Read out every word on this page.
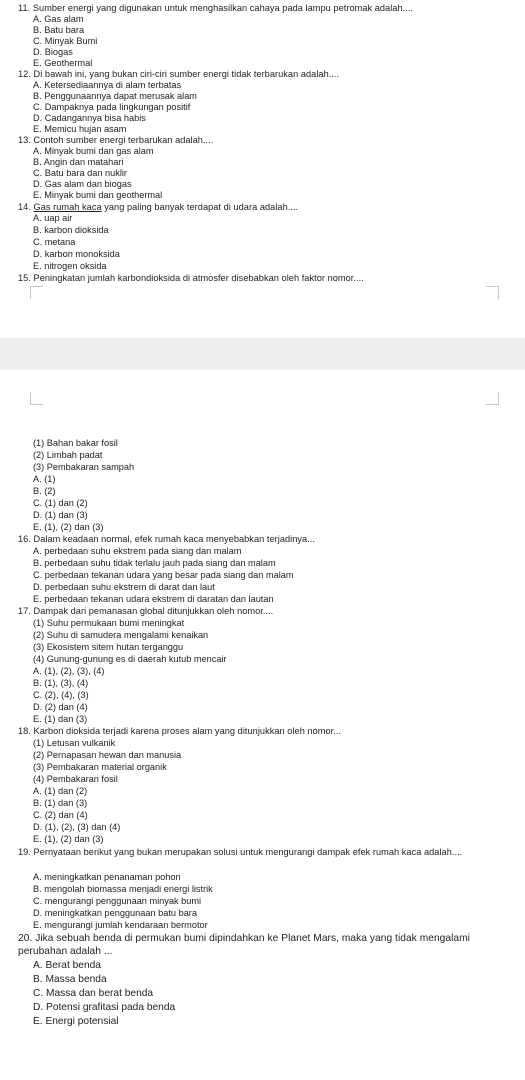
11. Sumber energi yang digunakan untuk menghasilkan cahaya pada lampu petromak adalah....
A. Gas alam
B. Batu bara
C. Minyak Bumi
D. Biogas
E. Geothermal
12. Di bawah ini, yang bukan ciri-ciri sumber energi tidak terbarukan adalah....
A. Ketersediaannya di alam terbatas
B. Penggunaannya dapat merusak alam
C. Dampaknya pada lingkungan positif
D. Cadangannya bisa habis
E. Memicu hujan asam
13. Contoh sumber energi terbarukan adalah....
A. Minyak bumi dan gas alam
B. Angin dan matahari
C. Batu bara dan nuklir
D. Gas alam dan biogas
E. Minyak bumi dan geothermal
14. Gas rumah kaca yang paling banyak terdapat di udara adalah....
A. uap air
B. karbon dioksida
C. metana
D. karbon monoksida
E. nitrogen oksida
15. Peningkatan jumlah karbondioksida di atmosfer disebabkan oleh faktor nomor....
(1) Bahan bakar fosil
(2) Limbah padat
(3) Pembakaran sampah
A. (1)
B. (2)
C. (1) dan (2)
D. (1) dan (3)
E. (1), (2) dan (3)
16. Dalam keadaan normal, efek rumah kaca menyebabkan terjadinya...
A. perbedaan suhu ekstrem pada siang dan malam
B. perbedaan suhu tidak terlalu jauh pada siang dan malam
C. perbedaan tekanan udara yang besar pada siang dan malam
D. perbedaan suhu ekstrem di darat dan laut
E. perbedaan tekanan udara ekstrem di daratan dan lautan
17. Dampak dari pemanasan global ditunjukkan oleh nomor....
(1) Suhu permukaan bumi meningkat
(2) Suhu di samudera mengalami kenaikan
(3) Ekosistem sitem hutan terganggu
(4) Gunung-gunung es di daerah kutub mencair
A. (1), (2), (3), (4)
B. (1), (3), (4)
C. (2), (4), (3)
D. (2) dan (4)
E. (1) dan (3)
18. Karbon dioksida terjadi karena proses alam yang ditunjukkan oleh nomor...
(1) Letusan vulkanik
(2) Pernapasan hewan dan manusia
(3) Pembakaran material organik
(4) Pembakaran fosil
A. (1) dan (2)
B. (1) dan (3)
C. (2) dan (4)
D. (1), (2), (3) dan (4)
E. (1), (2) dan (3)
19. Pernyataan berikut yang bukan merupakan solusi untuk mengurangi dampak efek rumah kaca adalah....
A. meningkatkan penanaman pohon
B. mengolah biomassa menjadi energi listrik
C. mengurangi penggunaan minyak bumi
D. meningkatkan penggunaan batu bara
E. mengurangi jumlah kendaraan bermotor
20. Jika sebuah benda di permukan bumi dipindahkan ke Planet Mars, maka yang tidak mengalami perubahan adalah ...
A. Berat benda
B. Massa benda
C. Massa dan berat benda
D. Potensi grafitasi pada benda
E. Energi potensial
